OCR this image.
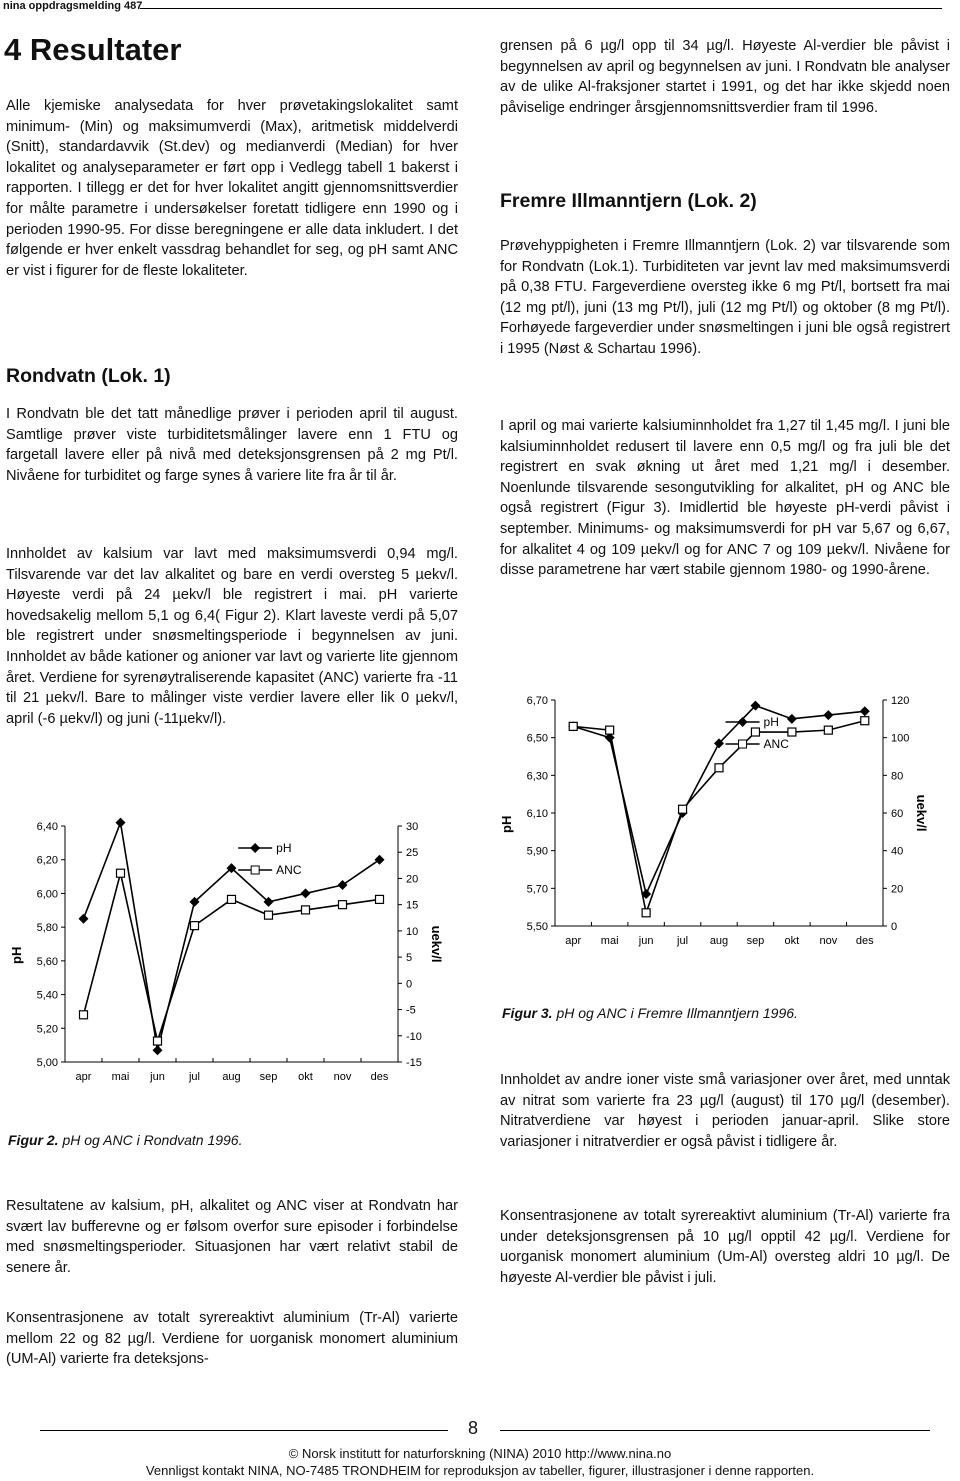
nina oppdragsmelding 487
4 Resultater

Alle kjemiske analysedata for hver prøvetakingslokalitet samt minimum- (Min) og maksimumverdi (Max), aritmetisk middelverdi (Snitt), standardavvik (St.dev) og medianverdi (Median) for hver lokalitet og analyseparameter er ført opp i Vedlegg tabell 1 bakerst i rapporten. I tillegg er det for hver lokalitet angitt gjennomsnittsverdier for målte parametre i undersøkelser foretatt tidligere enn 1990 og i perioden 1990-95. For disse beregningene er alle data inkludert. I det følgende er hver enkelt vassdrag behandlet for seg, og pH samt ANC er vist i figurer for de fleste lokaliteter.

Rondvatn (Lok. 1)

I Rondvatn ble det tatt månedlige prøver i perioden april til august. Samtlige prøver viste turbiditetsmålinger lavere enn 1 FTU og fargetall lavere eller på nivå med deteksjonsgrensen på 2 mg Pt/l. Nivåene for turbiditet og farge synes å variere lite fra år til år.

Innholdet av kalsium var lavt med maksimumsverdi 0,94 mg/l. Tilsvarende var det lav alkalitet og bare en verdi oversteg 5 µekv/l. Høyeste verdi på 24 µekv/l ble registrert i mai. pH varierte hovedsakelig mellom 5,1 og 6,4( Figur 2). Klart laveste verdi på 5,07 ble registrert under snøsmeltingsperiode i begynnelsen av juni. Innholdet av både kationer og anioner var lavt og varierte lite gjennom året. Verdiene for syrenøytraliserende kapasitet (ANC) varierte fra -11 til 21 µekv/l. Bare to målinger viste verdier lavere eller lik 0 µekv/l, april (-6 µekv/l) og juni (-11µekv/l).

5,00
5,20
5,40
5,60
5,80
6,00
6,20
6,40
-15
-10
-5
0
5
10
15
20
25
30
apr mai jun jul aug sep okt nov des
pH	uekv/l
pH
ANC
Figur 2. pH og ANC i Rondvatn 1996.

Resultatene av kalsium, pH, alkalitet og ANC viser at Rondvatn har svært lav bufferevne og er følsom overfor sure episoder i forbindelse med snøsmeltingsperioder. Situasjonen har vært relativt stabil de senere år.

Konsentrasjonene av totalt syrereaktivt aluminium (Tr-Al) varierte mellom 22 og 82 µg/l. Verdiene for uorganisk monomert aluminium (UM-Al) varierte fra deteksjons-

grensen på 6 µg/l opp til 34 µg/l. Høyeste Al-verdier ble påvist i begynnelsen av april og begynnelsen av juni. I Rondvatn ble analyser av de ulike Al-fraksjoner startet i 1991, og det har ikke skjedd noen påviselige endringer årsgjennomsnittsverdier fram til 1996.

Fremre Illmanntjern (Lok. 2)

Prøvehyppigheten i Fremre Illmanntjern (Lok. 2) var tilsvarende som for Rondvatn (Lok.1). Turbiditeten var jevnt lav med maksimumsverdi på 0,38 FTU. Fargeverdiene oversteg ikke 6 mg Pt/l, bortsett fra mai (12 mg pt/l), juni (13 mg Pt/l), juli (12 mg Pt/l) og oktober (8 mg Pt/l). Forhøyede fargeverdier under snøsmeltingen i juni ble også registrert i 1995 (Nøst & Schartau 1996).

I april og mai varierte kalsiuminnholdet fra 1,27 til 1,45 mg/l. I juni ble kalsiuminnholdet redusert til lavere enn 0,5 mg/l og fra juli ble det registrert en svak økning ut året med 1,21 mg/l i desember. Noenlunde tilsvarende sesongutvikling for alkalitet, pH og ANC ble også registrert (Figur 3). Imidlertid ble høyeste pH-verdi påvist i september. Minimums- og maksimumsverdi for pH var 5,67 og 6,67, for alkalitet 4 og 109 µekv/l og for ANC 7 og 109 µekv/l. Nivåene for disse parametrene har vært stabile gjennom 1980- og 1990-årene.

5,50
5,70
5,90
6,10
6,30
6,50
6,70
0
20
40
60
80
100
120
apr mai jun jul aug sep okt nov des
pH	uekv/l
pH
ANC
Figur 3. pH og ANC i Fremre Illmanntjern 1996.

Innholdet av andre ioner viste små variasjoner over året, med unntak av nitrat som varierte fra 23 µg/l (august) til 170 µg/l (desember). Nitratverdiene var høyest i perioden januar-april. Slike store variasjoner i nitratverdier er også påvist i tidligere år.

Konsentrasjonene av totalt syrereaktivt aluminium (Tr-Al) varierte fra under deteksjonsgrensen på 10 µg/l opptil 42 µg/l. Verdiene for uorganisk monomert aluminium (Um-Al) oversteg aldri 10 µg/l. De høyeste Al-verdier ble påvist i juli.

8
© Norsk institutt for naturforskning (NINA) 2010 http://www.nina.no
Vennligst kontakt NINA, NO-7485 TRONDHEIM for reproduksjon av tabeller, figurer, illustrasjoner i denne rapporten.
